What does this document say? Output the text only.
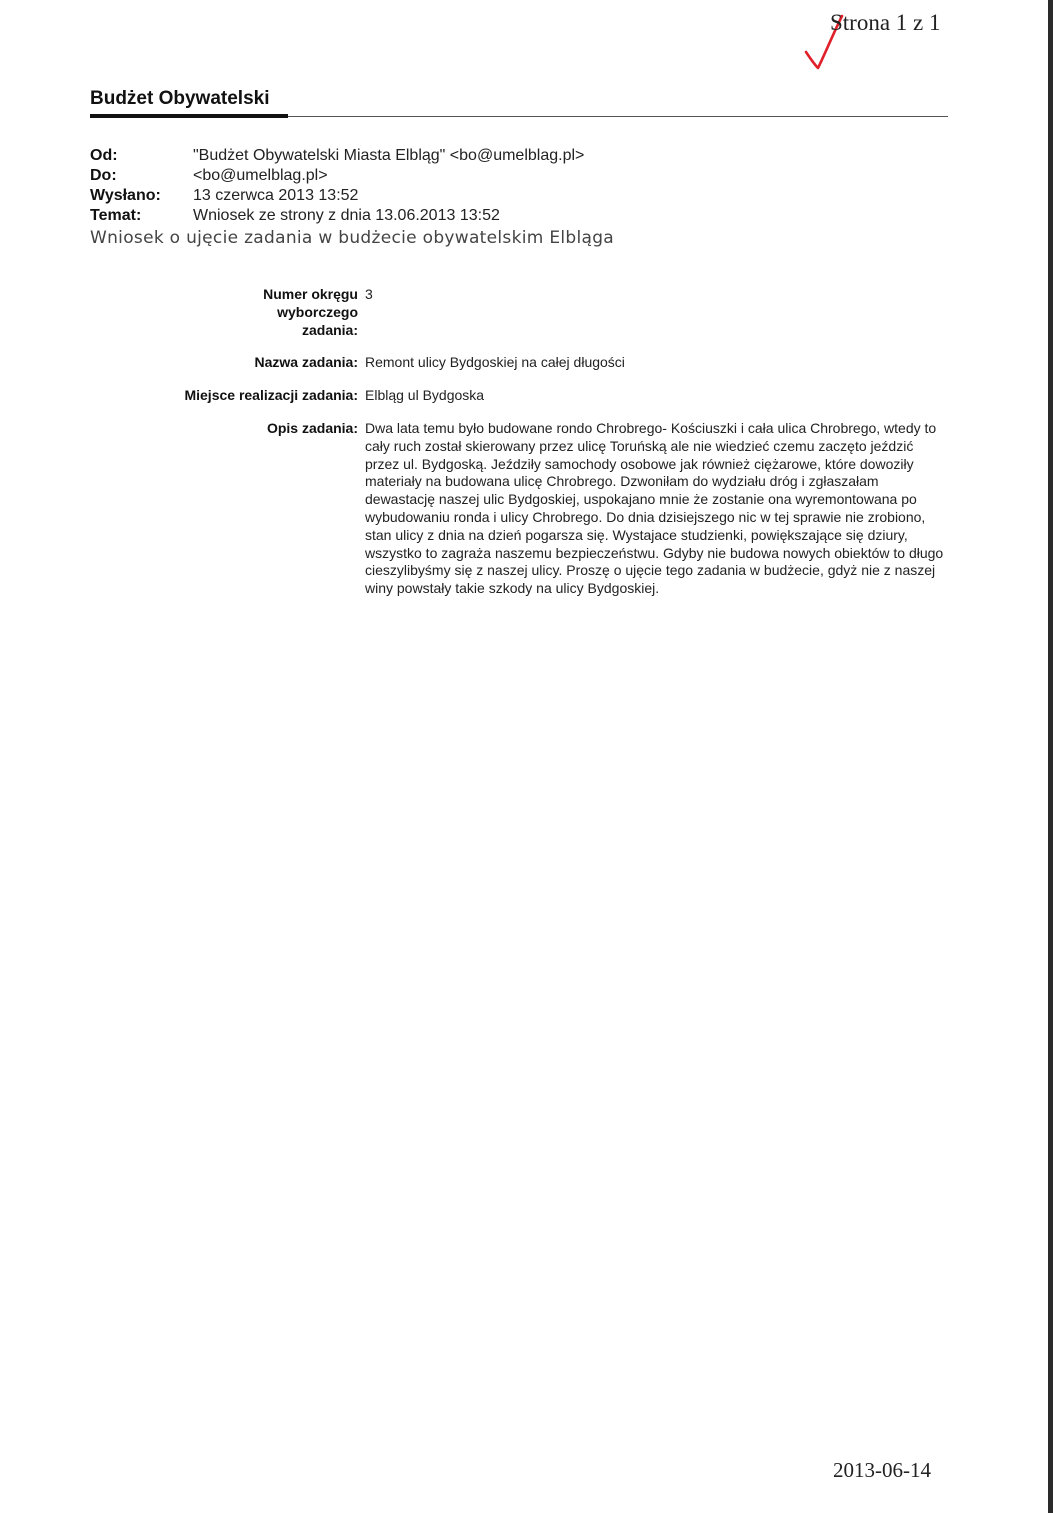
Strona 1 z 1
Budżet Obywatelski
Od:	"Budżet Obywatelski Miasta Elbląg" <bo@umelblag.pl>
Do:	<bo@umelblag.pl>
Wysłano:	13 czerwca 2013 13:52
Temat:	Wniosek ze strony z dnia 13.06.2013 13:52
Wniosek o ujęcie zadania w budżecie obywatelskim Elbląga
Numer okręgu wyborczego zadania:
3
Nazwa zadania: Remont ulicy Bydgoskiej na całej długości
Miejsce realizacji zadania: Elbląg ul Bydgoska
Opis zadania: Dwa lata temu było budowane rondo Chrobrego- Kościuszki i cała ulica Chrobrego, wtedy to cały ruch został skierowany przez ulicę Toruńską ale nie wiedzieć czemu zaczęto jeździć przez ul. Bydgoską. Jeździły samochody osobowe jak również ciężarowe, które dowoziły materiały na budowana ulicę Chrobrego. Dzwoniłam do wydziału dróg i zgłaszałam dewastację naszej ulic Bydgoskiej, uspokajano mnie że zostanie ona wyremontowana po wybudowaniu ronda i ulicy Chrobrego. Do dnia dzisiejszego nic w tej sprawie nie zrobiono, stan ulicy z dnia na dzień pogarsza się. Wystajace studzienki, powiększające się dziury, wszystko to zagraża naszemu bezpieczeństwu. Gdyby nie budowa nowych obiektów to długo cieszylibyśmy się z naszej ulicy. Proszę o ujęcie tego zadania w budżecie, gdyż nie z naszej winy powstały takie szkody na ulicy Bydgoskiej.
2013-06-14
